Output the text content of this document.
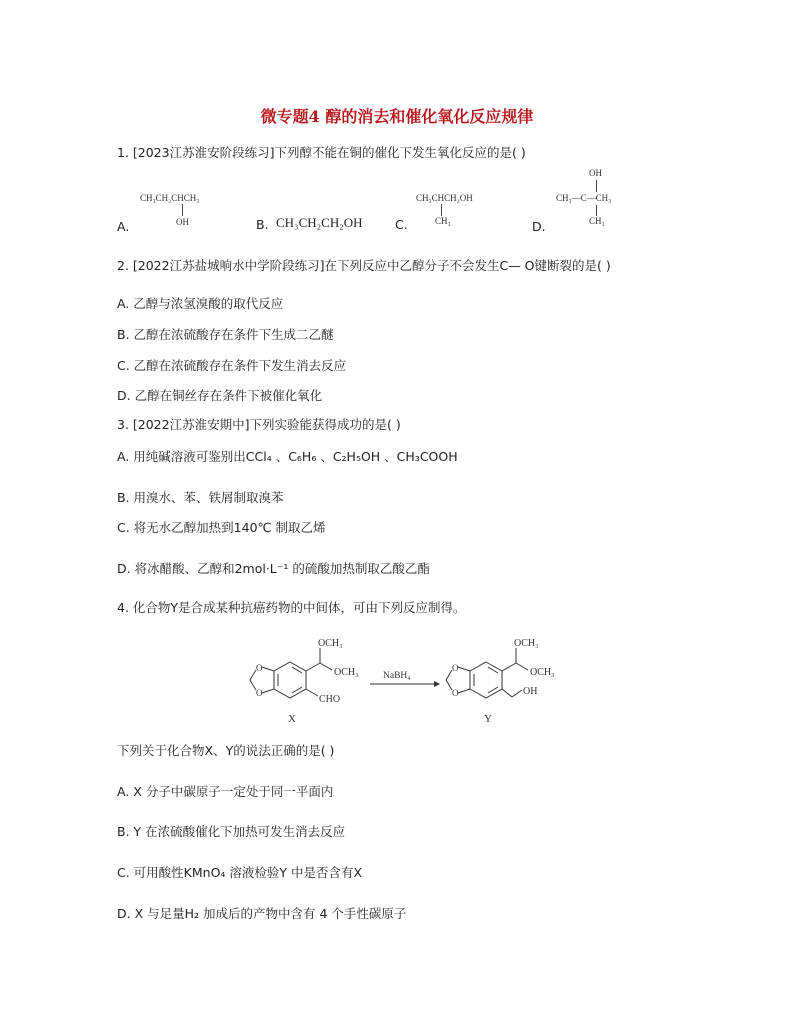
微专题4 醇的消去和催化氧化反应规律
1. [2023江苏淮安阶段练习]下列醇不能在铜的催化下发生氧化反应的是( )
A.
CH₃CH₂CHCH₃
OH	B. CH₃CH₂CH₂OH	C.
CH₃CHCH₂OH
CH₃	D.
OH
CH₃—C—CH₃
CH₃
2. [2022江苏盐城响水中学阶段练习]在下列反应中乙醇分子不会发生C— O键断裂的是( )
A. 乙醇与浓氢溴酸的取代反应
B. 乙醇在浓硫酸存在条件下生成二乙醚
C. 乙醇在浓硫酸存在条件下发生消去反应
D. 乙醇在铜丝存在条件下被催化氧化
3. [2022江苏淮安期中]下列实验能获得成功的是( )
A. 用纯碱溶液可鉴别出CCl₄ 、C₆H₆ 、C₂H₅OH 、CH₃COOH
B. 用溴水、苯、铁屑制取溴苯
C. 将无水乙醇加热到140℃ 制取乙烯
D. 将冰醋酸、乙醇和2mol·L⁻¹ 的硫酸加热制取乙酸乙酯
4. 化合物Y是合成某种抗癌药物的中间体，可由下列反应制得。
O
O
OCH₃
OCH₃
CHO
X
NaBH₄
O
O
OCH₃
OCH₃
OH
Y
下列关于化合物X、Y的说法正确的是( )
A. X 分子中碳原子一定处于同一平面内
B. Y 在浓硫酸催化下加热可发生消去反应
C. 可用酸性KMnO₄ 溶液检验Y 中是否含有X
D. X 与足量H₂ 加成后的产物中含有 4 个手性碳原子
